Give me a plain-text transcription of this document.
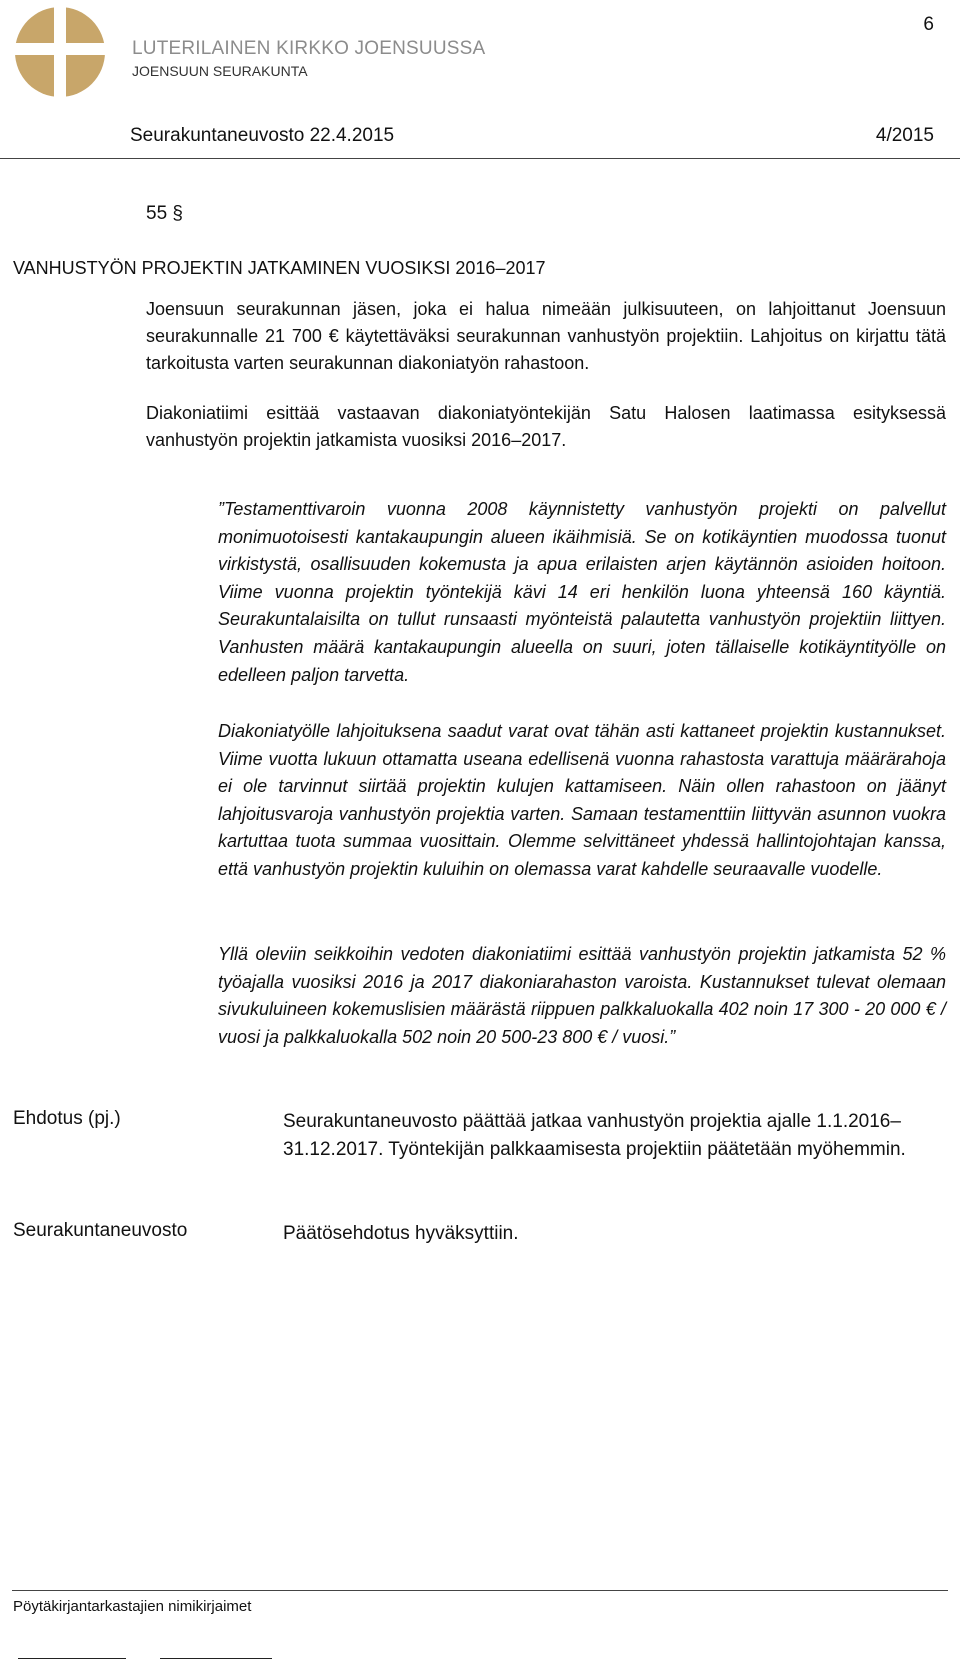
LUTERILAINEN KIRKKO JOENSUUSSA
JOENSUUN SEURAKUNTA
6
Seurakuntaneuvosto 22.4.2015	4/2015
55 §
VANHUSTYÖN PROJEKTIN JATKAMINEN VUOSIKSI 2016–2017

Joensuun seurakunnan jäsen, joka ei halua nimeään julkisuuteen, on lahjoittanut Joensuun seurakunnalle 21 700 € käytettäväksi seurakunnan vanhustyön projektiin. Lahjoitus on kirjattu tätä tarkoitusta varten seurakunnan diakoniatyön rahastoon.

Diakoniatiimi esittää vastaavan diakoniatyöntekijän Satu Halosen laatimassa esityksessä vanhustyön projektin jatkamista vuosiksi 2016–2017.

”Testamenttivaroin vuonna 2008 käynnistetty vanhustyön projekti on palvellut monimuotoisesti kantakaupungin alueen ikäihmisiä. Se on kotikäyntien muodossa tuonut virkistystä, osallisuuden kokemusta ja apua erilaisten arjen käytännön asioiden hoitoon. Viime vuonna projektin työntekijä kävi 14 eri henkilön luona yhteensä 160 käyntiä. Seurakuntalaisilta on tullut runsaasti myönteistä palautetta vanhustyön projektiin liittyen. Vanhusten määrä kantakaupungin alueella on suuri, joten tällaiselle kotikäyntityölle on edelleen paljon tarvetta.

Diakoniatyölle lahjoituksena saadut varat ovat tähän asti kattaneet projektin kustannukset. Viime vuotta lukuun ottamatta useana edellisenä vuonna rahastosta varattuja määrärahoja ei ole tarvinnut siirtää projektin kulujen kattamiseen. Näin ollen rahastoon on jäänyt lahjoitusvaroja vanhustyön projektia varten. Samaan testamenttiin liittyvän asunnon vuokra kartuttaa tuota summaa vuosittain. Olemme selvittäneet yhdessä hallintojohtajan kanssa, että vanhustyön projektin kuluihin on olemassa varat kahdelle seuraavalle vuodelle.

Yllä oleviin seikkoihin vedoten diakoniatiimi esittää vanhustyön projektin jatkamista 52 % työajalla vuosiksi 2016 ja 2017 diakoniarahaston varoista. Kustannukset tulevat olemaan sivukuluineen kokemuslisien määrästä riippuen palkkaluokalla 402 noin 17 300 - 20 000 € / vuosi ja palkkaluokalla 502 noin 20 500-23 800 € / vuosi.”

Ehdotus (pj.)	Seurakuntaneuvosto päättää jatkaa vanhustyön projektia ajalle 1.1.2016–31.12.2017. Työntekijän palkkaamisesta projektiin päätetään myöhemmin.

Seurakuntaneuvosto	Päätösehdotus hyväksyttiin.

Pöytäkirjantarkastajien nimikirjaimet
